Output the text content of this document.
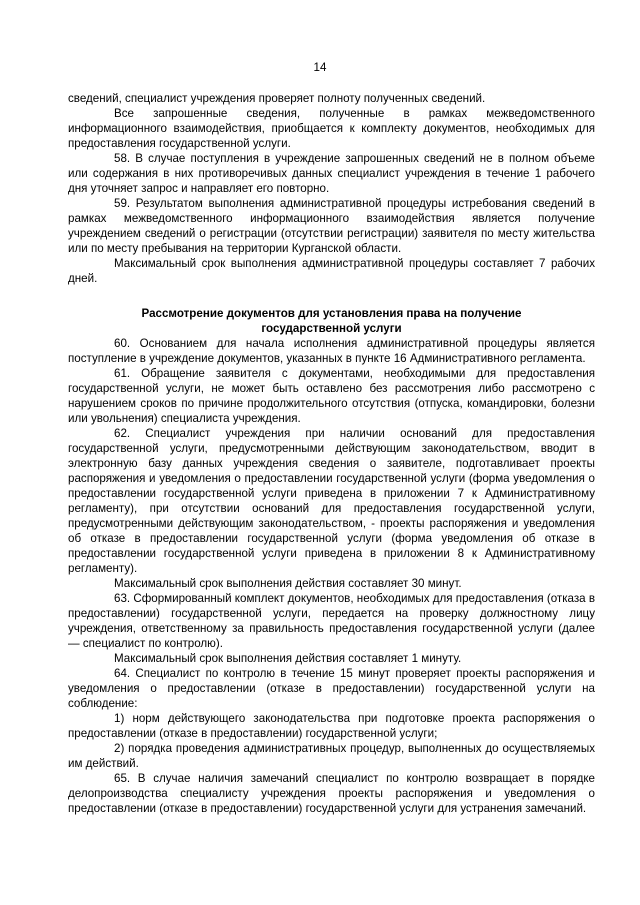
14

сведений, специалист учреждения проверяет полноту полученных сведений.

Все запрошенные сведения, полученные в рамках межведомственного информационного взаимодействия, приобщается к комплекту документов, необходимых для предоставления государственной услуги.

58. В случае поступления в учреждение запрошенных сведений не в полном объеме или содержания в них противоречивых данных специалист учреждения в течение 1 рабочего дня уточняет запрос и направляет его повторно.

59. Результатом выполнения административной процедуры истребования сведений в рамках межведомственного информационного взаимодействия является получение учреждением сведений о регистрации (отсутствии регистрации) заявителя по месту жительства или по месту пребывания на территории Курганской области.

Максимальный срок выполнения административной процедуры составляет 7 рабочих дней.

Рассмотрение документов для установления права на получение государственной услуги

60. Основанием для начала исполнения административной процедуры является поступление в учреждение документов, указанных в пункте 16 Административного регламента.

61. Обращение заявителя с документами, необходимыми для предоставления государственной услуги, не может быть оставлено без рассмотрения либо рассмотрено с нарушением сроков по причине продолжительного отсутствия (отпуска, командировки, болезни или увольнения) специалиста учреждения.

62. Специалист учреждения при наличии оснований для предоставления государственной услуги, предусмотренными действующим законодательством, вводит в электронную базу данных учреждения сведения о заявителе, подготавливает проекты распоряжения и уведомления о предоставлении государственной услуги (форма уведомления о предоставлении государственной услуги приведена в приложении 7 к Административному регламенту), при отсутствии оснований для предоставления государственной услуги, предусмотренными действующим законодательством, - проекты распоряжения и уведомления об отказе в предоставлении государственной услуги (форма уведомления об отказе в предоставлении государственной услуги приведена в приложении 8 к Административному регламенту).

Максимальный срок выполнения действия составляет 30 минут.

63. Сформированный комплект документов, необходимых для предоставления (отказа в предоставлении) государственной услуги, передается на проверку должностному лицу учреждения, ответственному за правильность предоставления государственной услуги (далее — специалист по контролю).

Максимальный срок выполнения действия составляет 1 минуту.

64. Специалист по контролю в течение 15 минут проверяет проекты распоряжения и уведомления о предоставлении (отказе в предоставлении) государственной услуги на соблюдение:

1) норм действующего законодательства при подготовке проекта распоряжения о предоставлении (отказе в предоставлении) государственной услуги;

2) порядка проведения административных процедур, выполненных до осуществляемых им действий.

65. В случае наличия замечаний специалист по контролю возвращает в порядке делопроизводства специалисту учреждения проекты распоряжения и уведомления о предоставлении (отказе в предоставлении) государственной услуги для устранения замечаний.
